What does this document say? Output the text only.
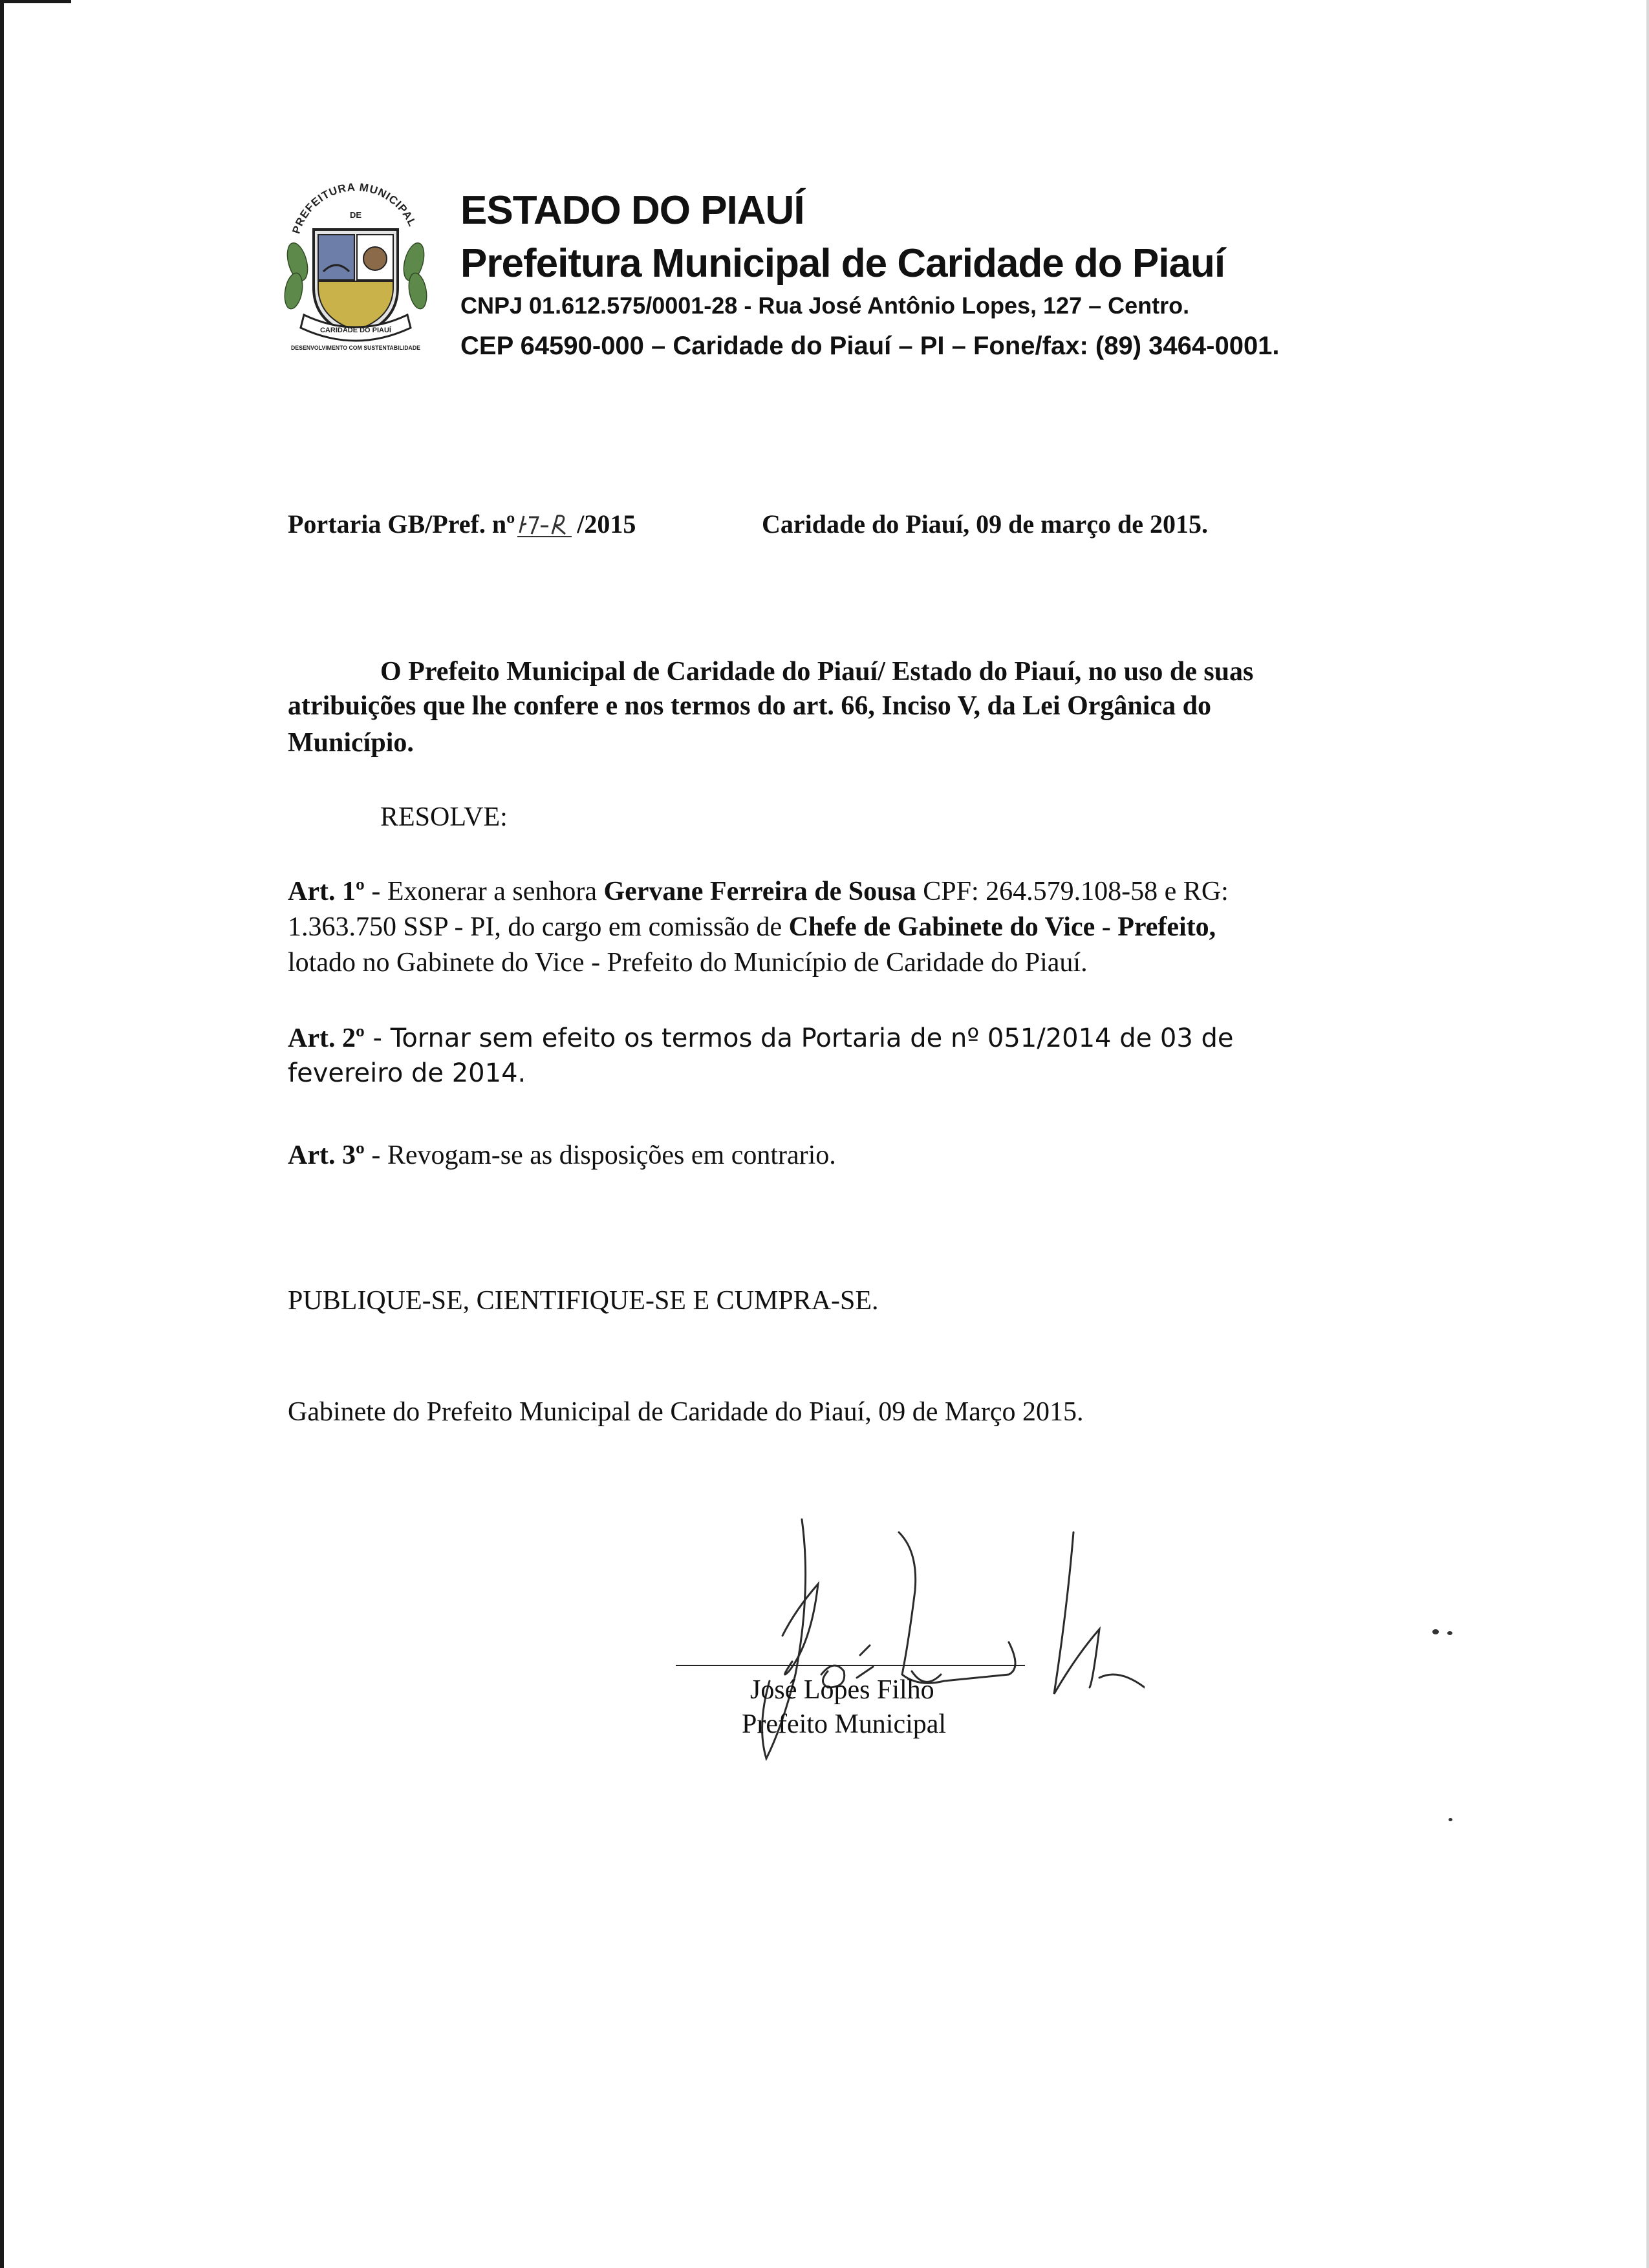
PREFEITURA MUNICIPAL
DE
CARIDADE DO PIAUÍ
DESENVOLVIMENTO COM SUSTENTABILIDADE
ESTADO DO PIAUÍ
Prefeitura Municipal de Caridade do Piauí
CNPJ 01.612.575/0001-28 - Rua José Antônio Lopes, 127 – Centro.
CEP 64590-000 – Caridade do Piauí – PI – Fone/fax: (89) 3464-0001.
Portaria GB/Pref. nº /2015	Caridade do Piauí, 09 de março de 2015.
O Prefeito Municipal de Caridade do Piauí/ Estado do Piauí, no uso de suas
atribuições que lhe confere e nos termos do art. 66, Inciso V, da Lei Orgânica do
Município.
RESOLVE:
Art. 1º - Exonerar a senhora Gervane Ferreira de Sousa CPF: 264.579.108-58 e RG:
1.363.750 SSP - PI, do cargo em comissão de Chefe de Gabinete do Vice - Prefeito,
lotado no Gabinete do Vice - Prefeito do Município de Caridade do Piauí.
Art. 2º - Tornar sem efeito os termos da Portaria de nº 051/2014 de 03 de
fevereiro de 2014.
Art. 3º - Revogam-se as disposições em contrario.
PUBLIQUE-SE, CIENTIFIQUE-SE E CUMPRA-SE.
Gabinete do Prefeito Municipal de Caridade do Piauí, 09 de Março 2015.
José Lopes Filho
Prefeito Municipal
